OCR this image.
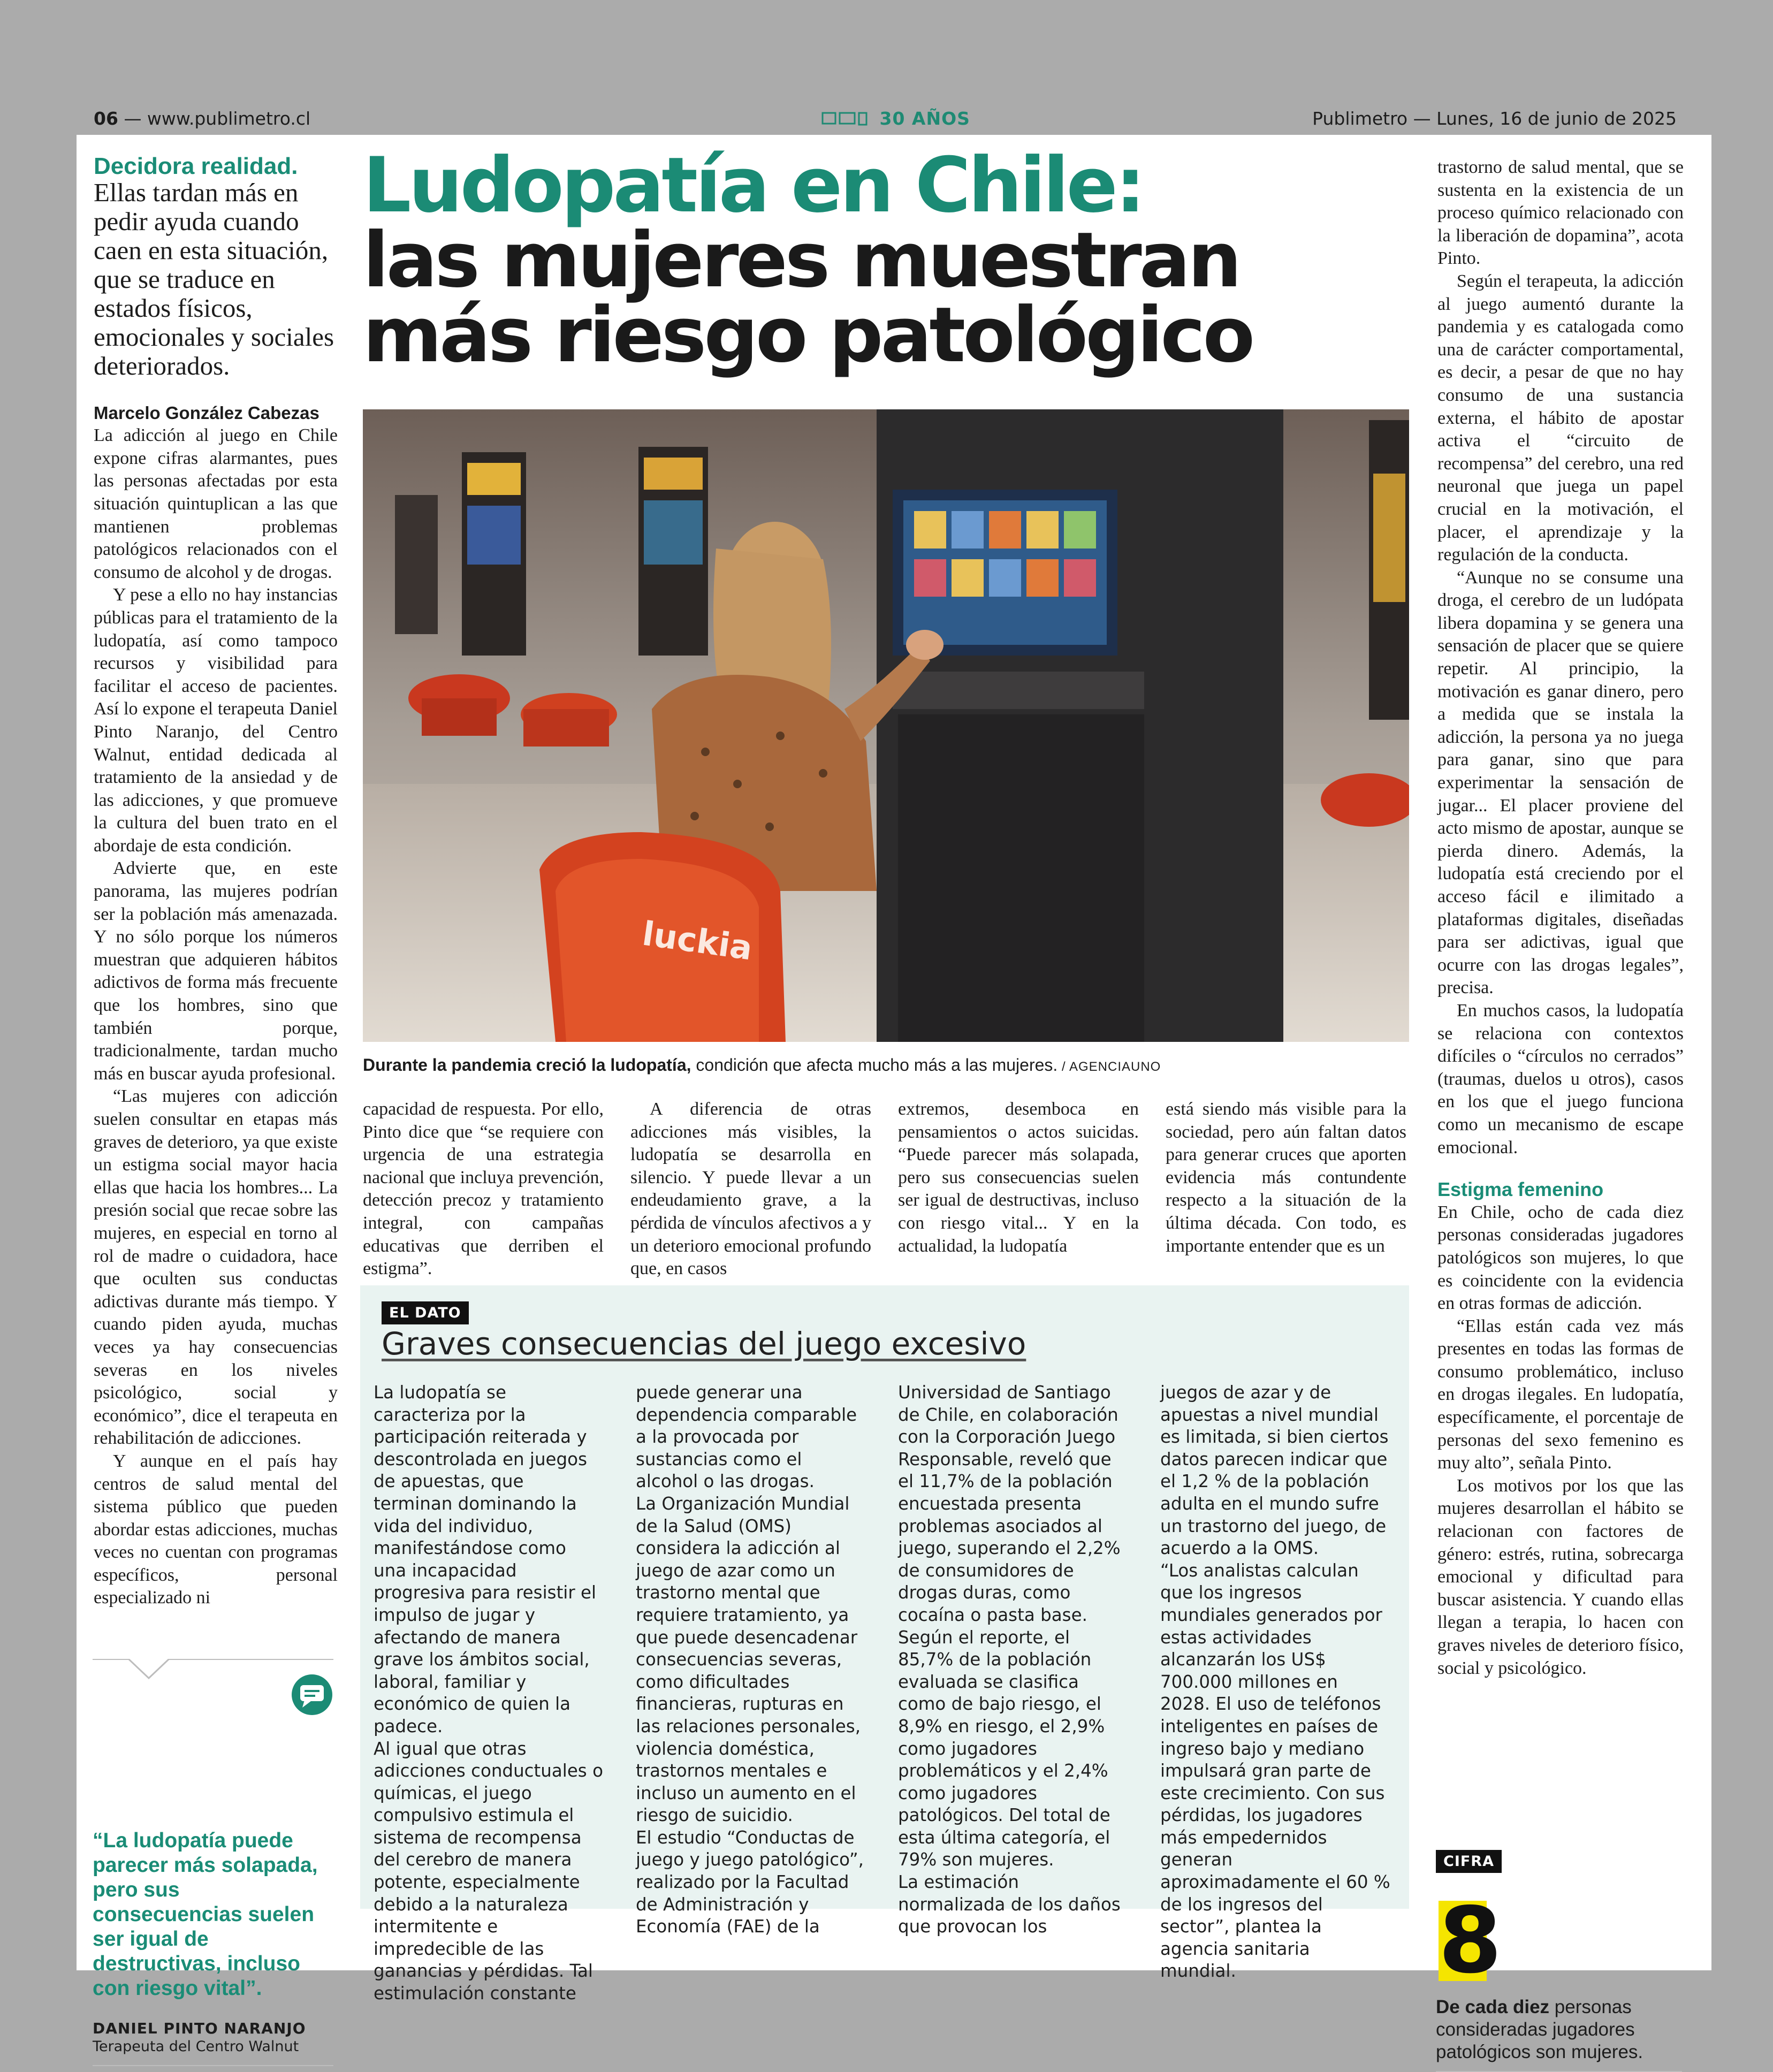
06 — www.publimetro.cl	30 AÑOS	Publimetro — Lunes, 16 de junio de 2025
Decidora realidad.
Ellas tardan más en pedir ayuda cuando caen en esta situación, que se traduce en estados físicos, emocionales y sociales deteriorados.
Marcelo González Cabezas

La adicción al juego en Chile expone cifras alarmantes, pues las personas afectadas por esta situación quintuplican a las que mantienen problemas patológicos relacionados con el consumo de alcohol y de drogas.

Y pese a ello no hay instancias públicas para el tratamiento de la ludopatía, así como tampoco recursos y visibilidad para facilitar el acceso de pacientes. Así lo expone el terapeuta Daniel Pinto Naranjo, del Centro Walnut, entidad dedicada al tratamiento de la ansiedad y de las adicciones, y que promueve la cultura del buen trato en el abordaje de esta condición.

Advierte que, en este panorama, las mujeres podrían ser la población más amenazada. Y no sólo porque los números muestran que adquieren hábitos adictivos de forma más frecuente que los hombres, sino que también porque, tradicionalmente, tardan mucho más en buscar ayuda profesional.

“Las mujeres con adicción suelen consultar en etapas más graves de deterioro, ya que existe un estigma social mayor hacia ellas que hacia los hombres... La presión social que recae sobre las mujeres, en especial en torno al rol de madre o cuidadora, hace que oculten sus conductas adictivas durante más tiempo. Y cuando piden ayuda, muchas veces ya hay consecuencias severas en los niveles psicológico, social y económico”, dice el terapeuta en rehabilitación de adicciones.

Y aunque en el país hay centros de salud mental del sistema público que pueden abordar estas adicciones, muchas veces no cuentan con programas específicos, personal especializado ni

“La ludopatía puede parecer más solapada, pero sus consecuencias suelen ser igual de destructivas, incluso con riesgo vital”.
DANIEL PINTO NARANJO
Terapeuta del Centro Walnut
Ludopatía en Chile:
las mujeres muestran
más riesgo patológico
luckia
Durante la pandemia creció la ludopatía, condición que afecta mucho más a las mujeres. / AGENCIAUNO

capacidad de respuesta. Por ello, Pinto dice que “se requiere con urgencia de una estrategia nacional que incluya prevención, detección precoz y tratamiento integral, con campañas educativas que derriben el estigma”.

A diferencia de otras adicciones más visibles, la ludopatía se desarrolla en silencio. Y puede llevar a un endeudamiento grave, a la pérdida de vínculos afectivos a y un deterioro emocional profundo que, en casos

extremos, desemboca en pensamientos o actos suicidas. “Puede parecer más solapada, pero sus consecuencias suelen ser igual de destructivas, incluso con riesgo vital... Y en la actualidad, la ludopatía

está siendo más visible para la sociedad, pero aún faltan datos para generar cruces que aporten evidencia más contundente respecto a la situación de la última década. Con todo, es importante entender que es un

EL DATO
Graves consecuencias del juego excesivo
La ludopatía se caracteriza por la participación reiterada y descontrolada en juegos de apuestas, que terminan dominando la vida del individuo, manifestándose como una incapacidad progresiva para resistir el impulso de jugar y afectando de manera grave los ámbitos social, laboral, familiar y económico de quien la padece.
Al igual que otras adicciones conductuales o químicas, el juego compulsivo estimula el sistema de recompensa del cerebro de manera potente, especialmente debido a la naturaleza intermitente e impredecible de las ganancias y pérdidas. Tal estimulación constante
puede generar una dependencia comparable a la provocada por sustancias como el alcohol o las drogas.
La Organización Mundial de la Salud (OMS) considera la adicción al juego de azar como un trastorno mental que requiere tratamiento, ya que puede desencadenar consecuencias severas, como dificultades financieras, rupturas en las relaciones personales, violencia doméstica, trastornos mentales e incluso un aumento en el riesgo de suicidio.
El estudio “Conductas de juego y juego patológico”, realizado por la Facultad de Administración y Economía (FAE) de la
Universidad de Santiago de Chile, en colaboración con la Corporación Juego Responsable, reveló que el 11,7% de la población encuestada presenta problemas asociados al juego, superando el 2,2% de consumidores de drogas duras, como cocaína o pasta base.
Según el reporte, el 85,7% de la población evaluada se clasifica como de bajo riesgo, el 8,9% en riesgo, el 2,9% como jugadores problemáticos y el 2,4% como jugadores patológicos. Del total de esta última categoría, el 79% son mujeres.
La estimación normalizada de los daños que provocan los
juegos de azar y de apuestas a nivel mundial es limitada, si bien ciertos datos parecen indicar que el 1,2 % de la población adulta en el mundo sufre un trastorno del juego, de acuerdo a la OMS.
“Los analistas calculan que los ingresos mundiales generados por estas actividades alcanzarán los US$ 700.000 millones en 2028. El uso de teléfonos inteligentes en países de ingreso bajo y mediano impulsará gran parte de este crecimiento. Con sus pérdidas, los jugadores más empedernidos generan aproximadamente el 60 % de los ingresos del sector”, plantea la agencia sanitaria mundial.

trastorno de salud mental, que se sustenta en la existencia de un proceso químico relacionado con la liberación de dopamina”, acota Pinto.

Según el terapeuta, la adicción al juego aumentó durante la pandemia y es catalogada como una de carácter comportamental, es decir, a pesar de que no hay consumo de una sustancia externa, el hábito de apostar activa el “circuito de recompensa” del cerebro, una red neuronal que juega un papel crucial en la motivación, el placer, el aprendizaje y la regulación de la conducta.

“Aunque no se consume una droga, el cerebro de un ludópata libera dopamina y se genera una sensación de placer que se quiere repetir. Al principio, la motivación es ganar dinero, pero a medida que se instala la adicción, la persona ya no juega para ganar, sino que para experimentar la sensación de jugar... El placer proviene del acto mismo de apostar, aunque se pierda dinero. Además, la ludopatía está creciendo por el acceso fácil e ilimitado a plataformas digitales, diseñadas para ser adictivas, igual que ocurre con las drogas legales”, precisa.

En muchos casos, la ludopatía se relaciona con contextos difíciles o “círculos no cerrados” (traumas, duelos u otros), casos en los que el juego funciona como un mecanismo de escape emocional.

Estigma femenino

En Chile, ocho de cada diez personas consideradas jugadores patológicos son mujeres, lo que es coincidente con la evidencia en otras formas de adicción.

“Ellas están cada vez más presentes en todas las formas de consumo problemático, incluso en drogas ilegales. En ludopatía, específicamente, el porcentaje de personas del sexo femenino es muy alto”, señala Pinto.

Los motivos por los que las mujeres desarrollan el hábito se relacionan con factores de género: estrés, rutina, sobrecarga emocional y dificultad para buscar asistencia. Y cuando ellas llegan a terapia, lo hacen con graves niveles de deterioro físico, social y psicológico.

CIFRA
8
De cada diez personas consideradas jugadores patológicos son mujeres.
